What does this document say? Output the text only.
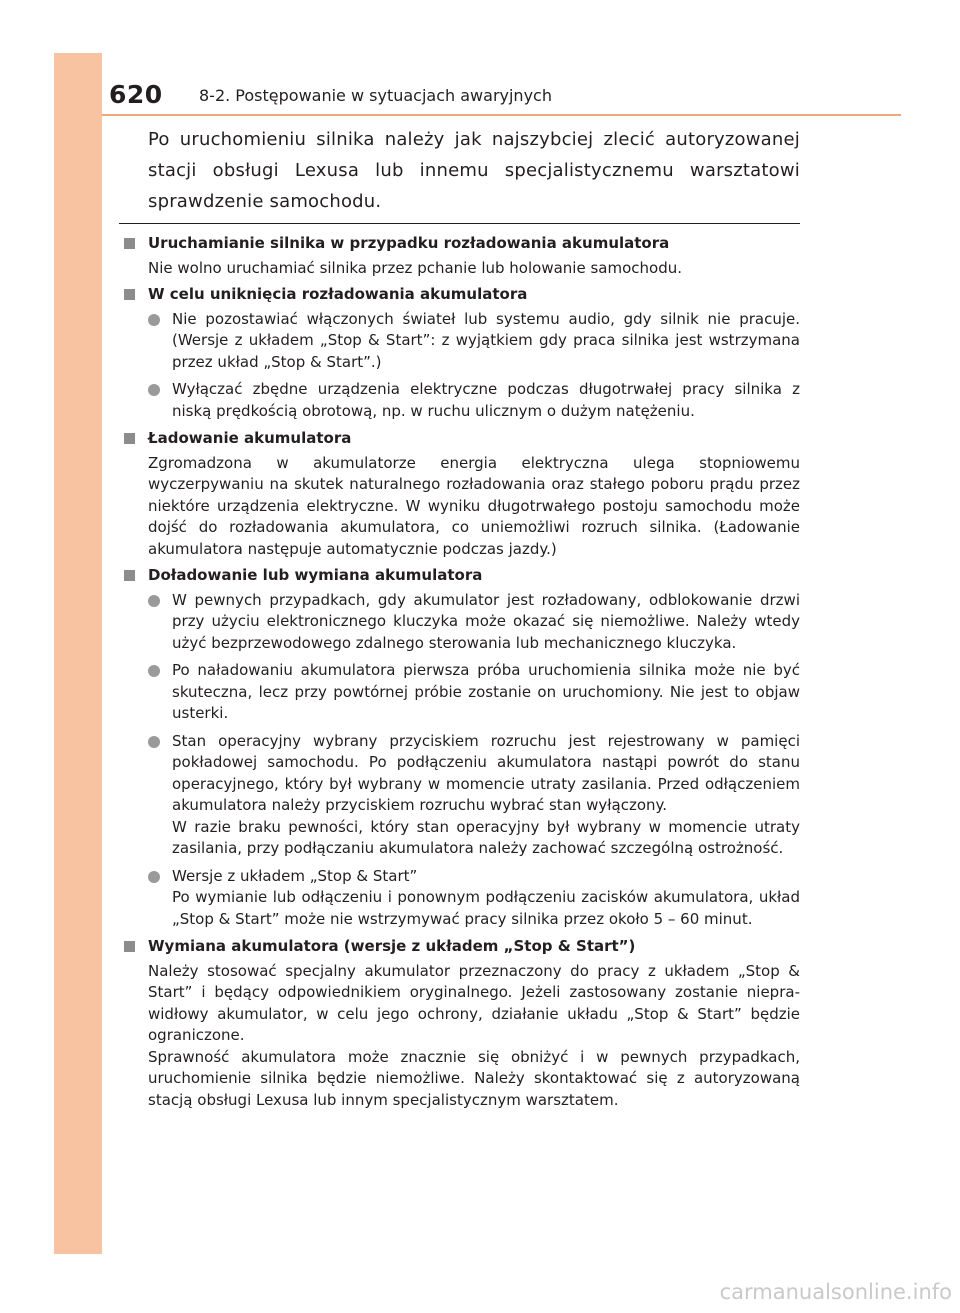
620 8-2. Postępowanie w sytuacjach awaryjnych
Po uruchomieniu silnika należy jak najszybciej zlecić autoryzowanej stacji obsługi Lexusa lub innemu specjalistycznemu warsztatowi sprawdzenie samochodu.
Uruchamianie silnika w przypadku rozładowania akumulatora
Nie wolno uruchamiać silnika przez pchanie lub holowanie samochodu.
W celu uniknięcia rozładowania akumulatora
Nie pozostawiać włączonych świateł lub systemu audio, gdy silnik nie pracuje. (Wersje z układem „Stop & Start”: z wyjątkiem gdy praca silnika jest wstrzymana przez układ „Stop & Start”.)
Wyłączać zbędne urządzenia elektryczne podczas długotrwałej pracy silnika z niską prędkością obrotową, np. w ruchu ulicznym o dużym natężeniu.
Ładowanie akumulatora
Zgromadzona w akumulatorze energia elektryczna ulega stopniowemu wyczerpywaniu na skutek naturalnego rozładowania oraz stałego poboru prądu przez niektóre urządzenia elektryczne. W wyniku długotrwałego postoju samochodu może dojść do rozładowania akumulatora, co uniemożliwi rozruch silnika. (Ładowanie akumulatora następuje automatycznie podczas jazdy.)
Doładowanie lub wymiana akumulatora
W pewnych przypadkach, gdy akumulator jest rozładowany, odblokowanie drzwi przy użyciu elektronicznego kluczyka może okazać się niemożliwe. Należy wtedy użyć bezprzewodowego zdalnego sterowania lub mechanicznego kluczyka.
Po naładowaniu akumulatora pierwsza próba uruchomienia silnika może nie być skuteczna, lecz przy powtórnej próbie zostanie on uruchomiony. Nie jest to objaw usterki.
Stan operacyjny wybrany przyciskiem rozruchu jest rejestrowany w pamięci pokładowej samochodu. Po podłączeniu akumulatora nastąpi powrót do stanu operacyjnego, który był wybrany w momencie utraty zasilania. Przed odłączeniem akumulatora należy przyciskiem rozruchu wybrać stan wyłączony.
W razie braku pewności, który stan operacyjny był wybrany w momencie utraty zasilania, przy podłączaniu akumulatora należy zachować szczególną ostrożność.
Wersje z układem „Stop & Start”
Po wymianie lub odłączeniu i ponownym podłączeniu zacisków akumulatora, układ „Stop & Start” może nie wstrzymywać pracy silnika przez około 5 – 60 minut.
Wymiana akumulatora (wersje z układem „Stop & Start”)
Należy stosować specjalny akumulator przeznaczony do pracy z układem „Stop & Start” i będący odpowiednikiem oryginalnego. Jeżeli zastosowany zostanie nieprawidłowy akumulator, w celu jego ochrony, działanie układu „Stop & Start” będzie ograniczone.
Sprawność akumulatora może znacznie się obniżyć i w pewnych przypadkach, uruchomienie silnika będzie niemożliwe. Należy skontaktować się z autoryzowaną stacją obsługi Lexusa lub innym specjalistycznym warsztatem.
carmanualsonline.info
